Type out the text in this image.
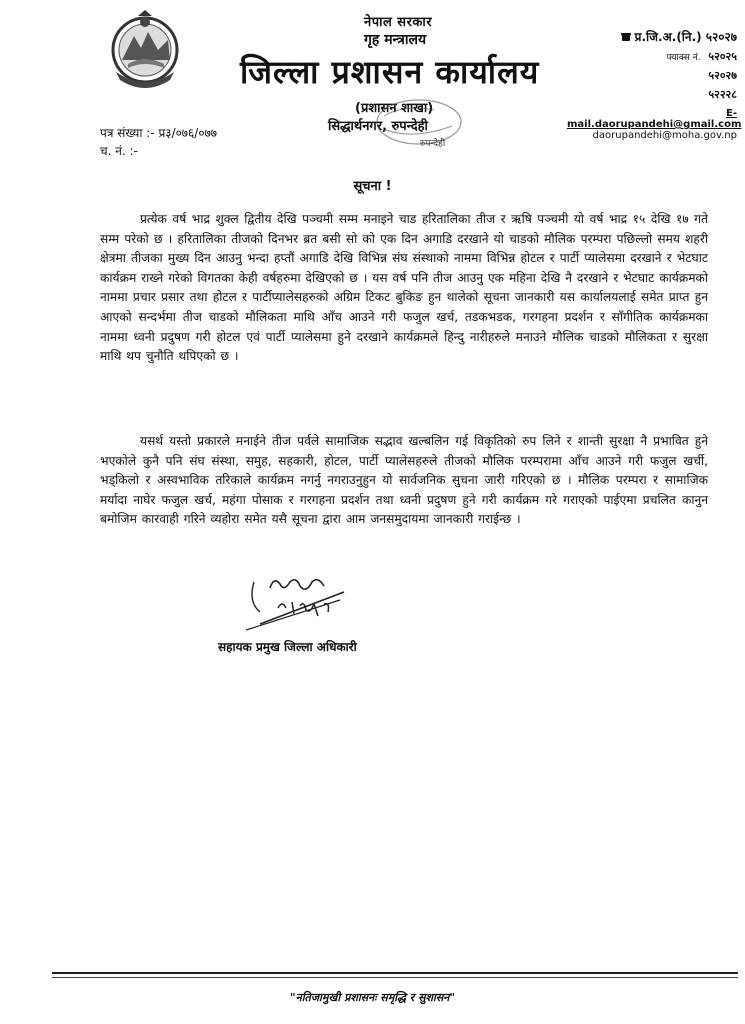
नेपाल सरकार
गृह मन्त्रालय
जिल्ला प्रशासन कार्यालय
(प्रशासन शाखा)
सिद्धार्थनगर, रुपन्देही
रुपन्देही
प्र.जि.अ.(नि.) ५२०२७
फ्याक्स नं. ५२०२५
५२०२७
५२२२८
E-mail.daorupandehi@gmail.com
daorupandehi@moha.gov.np
पत्र संख्या :- प्र३/०७६/०७७
च. नं. :-
सूचना !
प्रत्येक वर्ष भाद्र शुक्ल द्वितीय देखि पञ्चमी सम्म मनाइने चाड हरितालिका तीज र ऋषि पञ्चमी यो वर्ष भाद्र १५ देखि १७ गते सम्म परेको छ । हरितालिका तीजको दिनभर ब्रत बसी सो को एक दिन अगाडि दरखाने यो चाडको मौलिक परम्परा पछिल्लो समय शहरी क्षेत्रमा तीजका मुख्य दिन आउनु भन्दा हप्तौं अगाडि देखि विभिन्न संघ संस्थाको नाममा विभिन्न होटल र पार्टी प्यालेसमा दरखाने र भेटघाट कार्यक्रम राख्ने गरेको विगतका केही वर्षहरुमा देखिएको छ । यस वर्ष पनि तीज आउनु एक महिना देखि नै दरखाने र भेटघाट कार्यक्रमको नाममा प्रचार प्रसार तथा होटल र पार्टीप्यालेसहरुको अग्रिम टिकट बुकिङ हुन थालेको सूचना जानकारी यस कार्यालयलाई समेत प्राप्त हुन आएको सन्दर्भमा तीज चाडको मौलिकता माथि आँच आउने गरी फजुल खर्च, तडकभडक, गरगहना प्रदर्शन र साँगीतिक कार्यक्रमका नाममा ध्वनी प्रदुषण गरी होटल एवं पार्टी प्यालेसमा हुने दरखाने कार्यक्रमले हिन्दु नारीहरुले मनाउने मौलिक चाडको मौलिकता र सुरक्षा माथि थप चुनौति थपिएको छ ।
यसर्थ यस्तो प्रकारले मनाईने तीज पर्वले सामाजिक सद्भाव खल्बलिन गई विकृतिको रुप लिने र शान्ती सुरक्षा नै प्रभावित हुने भएकोले कुनै पनि संघ संस्था, समुह, सहकारी, होटल, पार्टी प्यालेसहरुले तीजको मौलिक परम्परामा आँच आउने गरी फजुल खर्ची, भड्किलो र अस्वभाविक तरिकाले कार्यक्रम नगर्नु नगराउनुहुन यो सार्वजनिक सुचना जारी गरिएको छ । मौलिक परम्परा र सामाजिक मर्यादा नाघेर फजुल खर्च, महंगा पोसाक र गरगहना प्रदर्शन तथा ध्वनी प्रदुषण हुने गरी कार्यक्रम गरे गराएको पाईएमा प्रचलित कानुन बमोजिम कारवाही गरिने व्यहोरा समेत यसै सूचना द्वारा आम जनसमुदायमा जानकारी गराईन्छ ।
सहायक प्रमुख जिल्ला अधिकारी
"नतिजामुखी प्रशासनः समृद्धि र सुशासन"
